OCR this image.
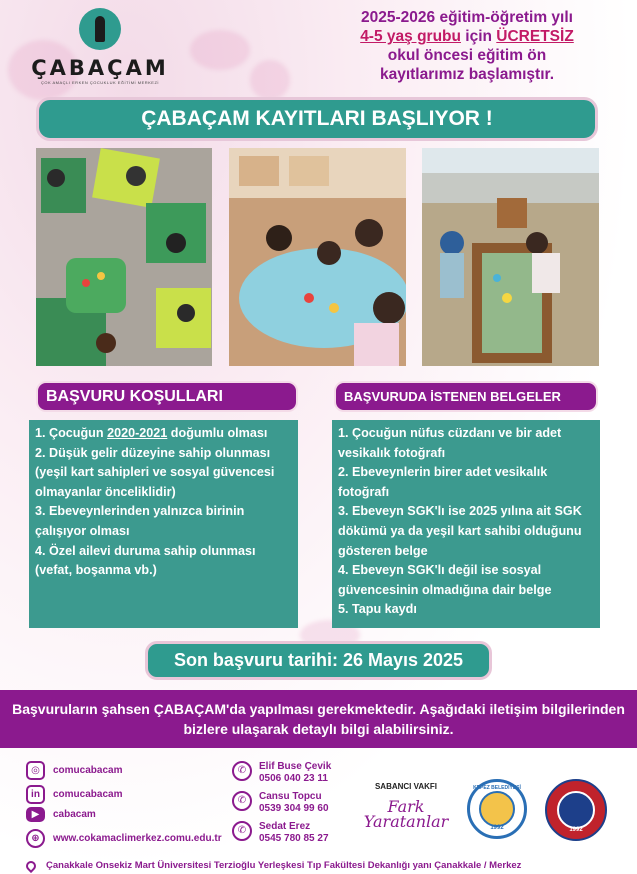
ÇABAÇAM
ÇOK AMAÇLI ERKEN ÇOCUKLUK EĞİTİMİ MERKEZİ
2025-2026 eğitim-öğretim yılı
4-5 yaş grubu için ÜCRETSİZ
okul öncesi eğitim ön
kayıtlarımız başlamıştır.
ÇABAÇAM KAYITLARI BAŞLIYOR !
BAŞVURU KOŞULLARI	BAŞVURUDA İSTENEN BELGELER
1. Çocuğun 2020-2021 doğumlu olması
2. Düşük gelir düzeyine sahip olunması (yeşil kart sahipleri ve sosyal güvencesi olmayanlar önceliklidir)
3. Ebeveynlerinden yalnızca birinin çalışıyor olması
4. Özel ailevi duruma sahip olunması (vefat, boşanma vb.)
1. Çocuğun nüfus cüzdanı ve bir adet vesikalık fotoğrafı
2. Ebeveynlerin birer adet vesikalık fotoğrafı
3. Ebeveyn SGK'lı ise 2025 yılına ait SGK dökümü ya da yeşil kart sahibi olduğunu gösteren belge
4. Ebeveyn SGK'lı değil ise sosyal güvencesinin olmadığına dair belge
5. Tapu kaydı
Son başvuru tarihi: 26 Mayıs 2025
Başvuruların şahsen ÇABAÇAM'da yapılması gerekmektedir. Aşağıdaki iletişim bilgilerinden bizlere ulaşarak detaylı bilgi alabilirsiniz.
◎	comucabacam
in	comucabacam
▶	cabacam
⊕	www.cokamaclimerkez.comu.edu.tr
✆	Elif Buse Çevik
0506 040 23 11
✆	Cansu Topcu
0539 304 99 60
✆	Sedat Erez
0545 780 85 27
SABANCI VAKFI
Fark
Yaratanlar
KEPEZ BELEDİYESİ
1992	1992
Çanakkale Onsekiz Mart Üniversitesi Terzioğlu Yerleşkesi Tıp Fakültesi Dekanlığı yanı Çanakkale / Merkez
